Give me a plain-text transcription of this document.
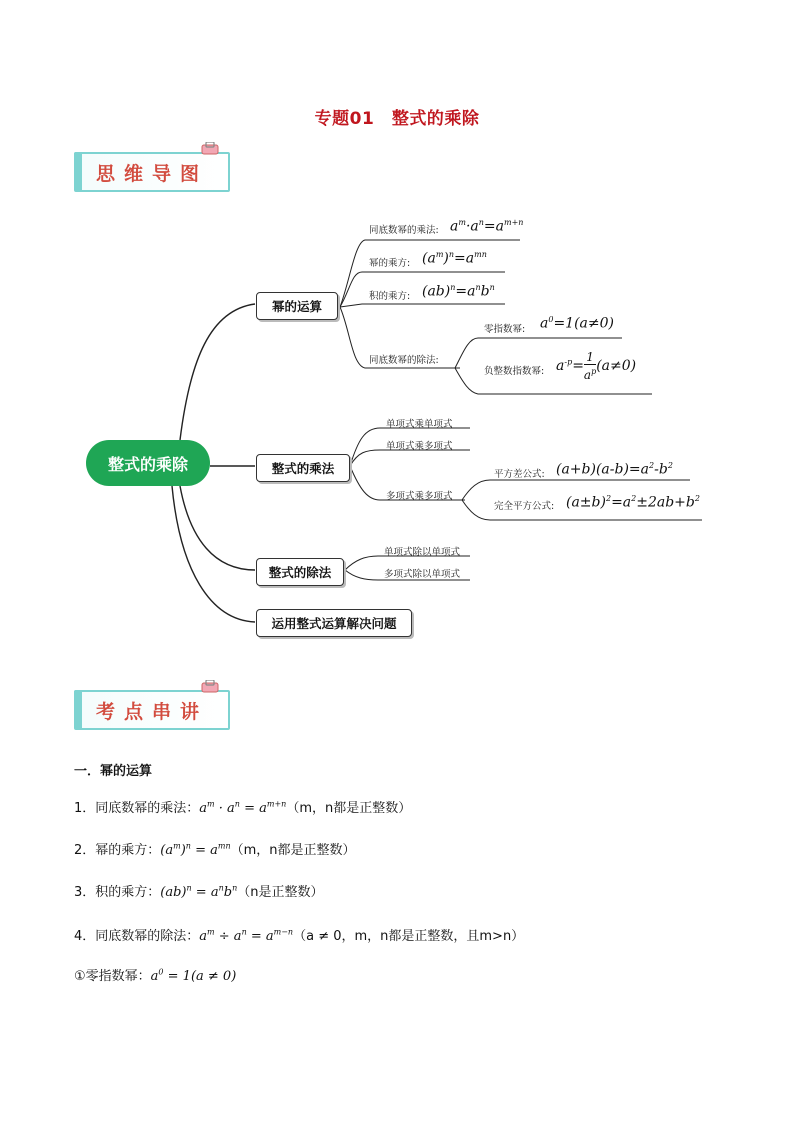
专题01　整式的乘除
思维导图
整式的乘除
幂的运算
整式的乘法
整式的除法
运用整式运算解决问题
同底数幂的乘法: $a^m\cdot a^n=a^{m+n}$
幂的乘方: $(a^m)^n=a^{mn}$
积的乘方: $(ab)^n=a^nb^n$
同底数幂的除法:
零指数幂: $a^0=1(a\ne 0)$
负整数指数幂: $a^{-p}= \frac{1}{a^p} (a\ne 0)$
单项式乘单项式
单项式乘多项式
多项式乘多项式
平方差公式: $(a+b)(a-b)=a^2-b^2$
完全平方公式: $(a\pm b)^2=a^2\pm 2ab+b^2$
单项式除以单项式
多项式除以单项式
考点串讲
一．幂的运算
1．同底数幂的乘法：$a^m \cdot a^n = a^{m+n}(m$，n都是正整数）
2．幂的乘方：$(a^m)^n = a^{mn}(m$，n都是正整数）
3．积的乘方：$(ab)^n = a^nb^n(n$是正整数）
4．同底数幂的除法：$a^m \div a^n = a^{m-n}(a \ne 0$，m，n都是正整数，且m>n）
①零指数幂：$a^0 = 1(a \ne 0)$
